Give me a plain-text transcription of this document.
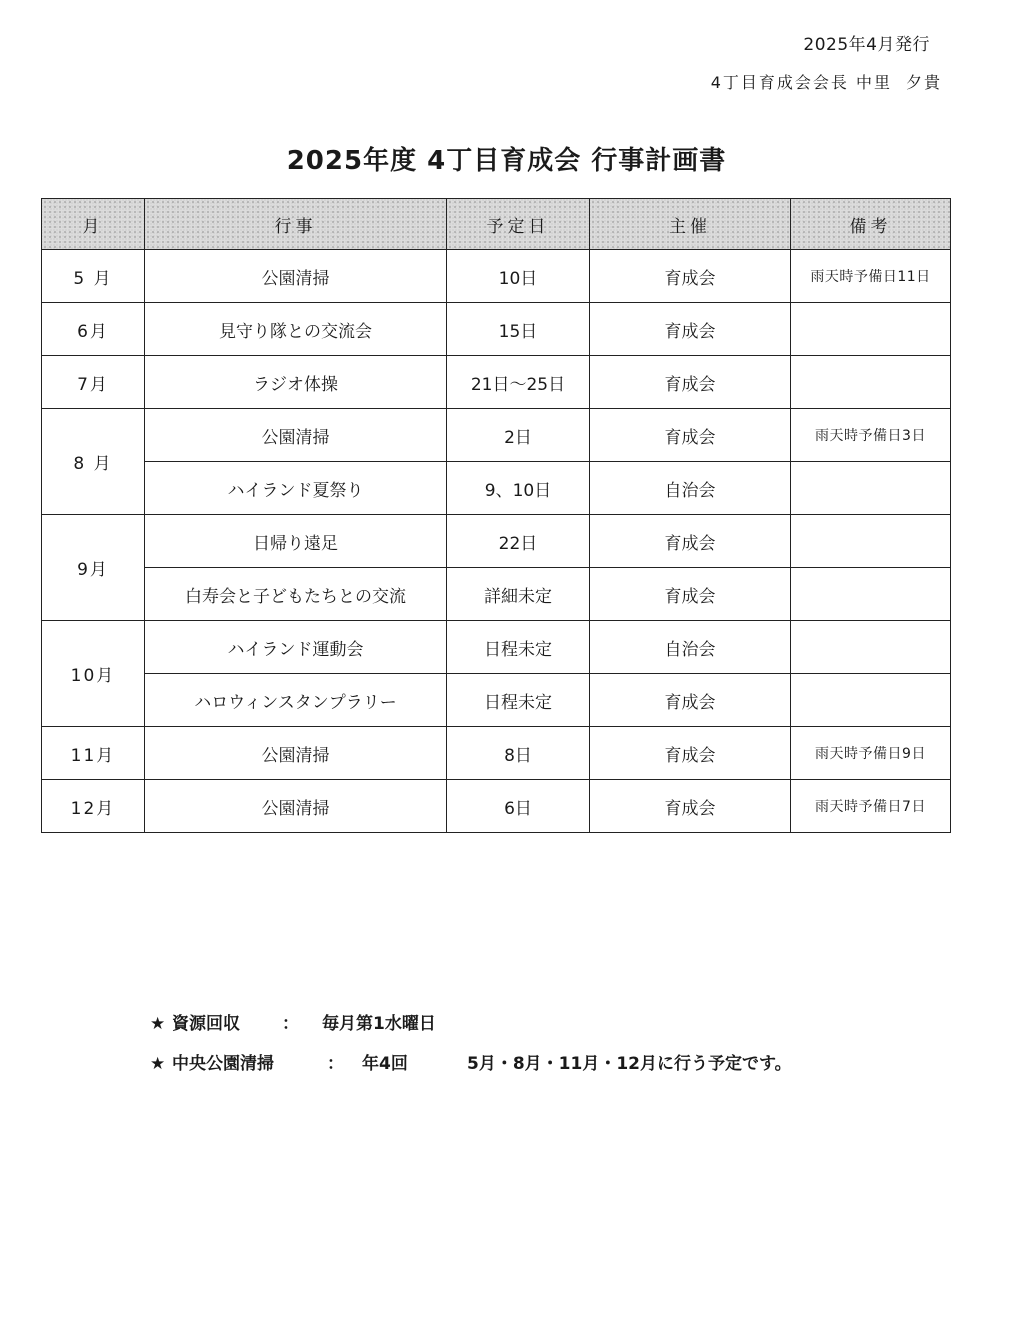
2025年4月発行
4丁目育成会会長 中里 夕貴
2025年度 4丁目育成会 行事計画書
月	行事	予定日	主催	備考
5 月	公園清掃	10日	育成会	雨天時予備日11日
6月	見守り隊との交流会	15日	育成会	
7月	ラジオ体操	21日～25日	育成会	
8 月	公園清掃	2日	育成会	雨天時予備日3日
	ハイランド夏祭り	9、10日	自治会	
9月	日帰り遠足	22日	育成会	
	白寿会と子どもたちとの交流	詳細未定	育成会	
10月	ハイランド運動会	日程未定	自治会	
	ハロウィンスタンプラリー	日程未定	育成会	
11月	公園清掃	8日	育成会	雨天時予備日9日
12月	公園清掃	6日	育成会	雨天時予備日7日
★ 資源回収 ： 毎月第1水曜日
★ 中央公園清掃	： 年4回	5月・8月・11月・12月に行う予定です。
